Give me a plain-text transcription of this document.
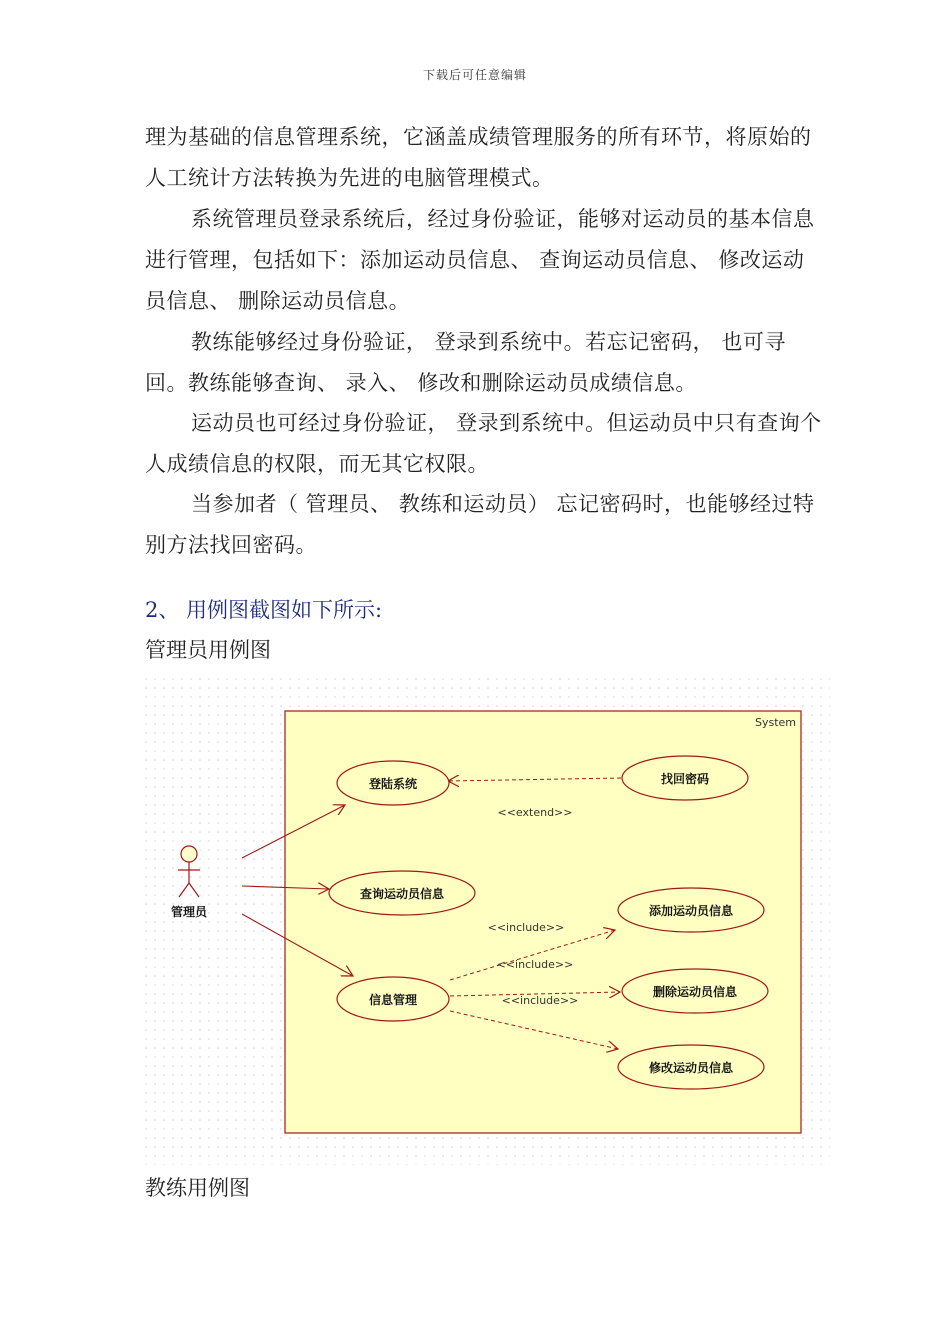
下载后可任意编辑

理为基础的信息管理系统，它涵盖成绩管理服务的所有环节，将原始的人工统计方法转换为先进的电脑管理模式。

系统管理员登录系统后，经过身份验证，能够对运动员的基本信息进行管理，包括如下：添加运动员信息、 查询运动员信息、 修改运动员信息、 删除运动员信息。

教练能够经过身份验证， 登录到系统中。若忘记密码， 也可寻回。教练能够查询、 录入、 修改和删除运动员成绩信息。

运动员也可经过身份验证， 登录到系统中。但运动员中只有查询个人成绩信息的权限，而无其它权限。

当参加者（ 管理员、 教练和运动员） 忘记密码时，也能够经过特别方法找回密码。

2、 用例图截图如下所示:

管理员用例图

System
管理员
<<extend>>
<<include>>
<<include>>
<<include>>
登陆系统	找回密码
查询运动员信息
信息管理
添加运动员信息
删除运动员信息
修改运动员信息

教练用例图
